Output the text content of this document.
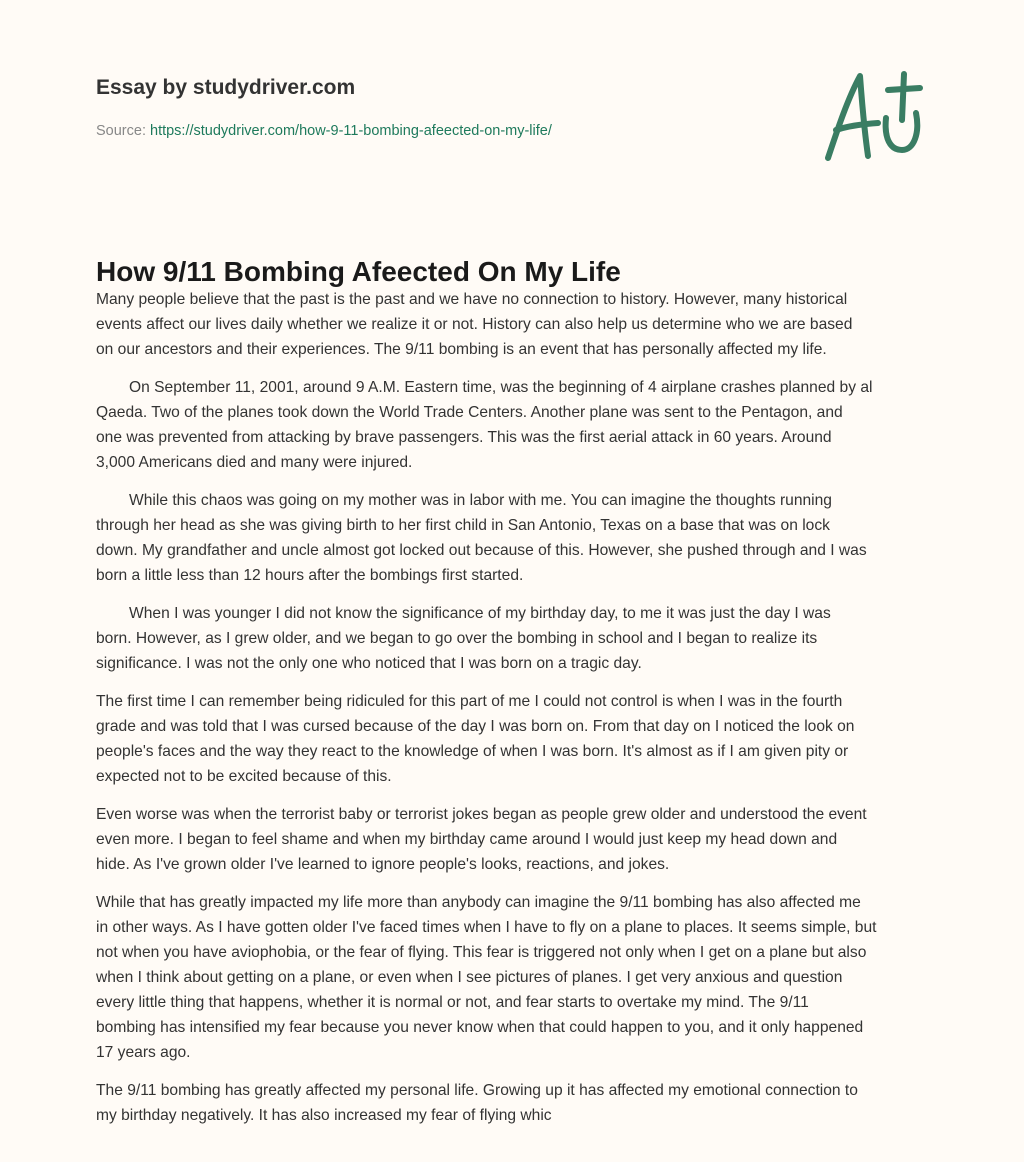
Essay by studydriver.com
Source: https://studydriver.com/how-9-11-bombing-afeected-on-my-life/
How 9/11 Bombing Afeected On My Life
Many people believe that the past is the past and we have no connection to history. However, many historical
events affect our lives daily whether we realize it or not. History can also help us determine who we are based
on our ancestors and their experiences. The 9/11 bombing is an event that has personally affected my life.
On September 11, 2001, around 9 A.M. Eastern time, was the beginning of 4 airplane crashes planned by al
Qaeda. Two of the planes took down the World Trade Centers. Another plane was sent to the Pentagon, and
one was prevented from attacking by brave passengers. This was the first aerial attack in 60 years. Around
3,000 Americans died and many were injured.
While this chaos was going on my mother was in labor with me. You can imagine the thoughts running
through her head as she was giving birth to her first child in San Antonio, Texas on a base that was on lock
down. My grandfather and uncle almost got locked out because of this. However, she pushed through and I was
born a little less than 12 hours after the bombings first started.
When I was younger I did not know the significance of my birthday day, to me it was just the day I was
born. However, as I grew older, and we began to go over the bombing in school and I began to realize its
significance. I was not the only one who noticed that I was born on a tragic day.
The first time I can remember being ridiculed for this part of me I could not control is when I was in the fourth
grade and was told that I was cursed because of the day I was born on. From that day on I noticed the look on
people's faces and the way they react to the knowledge of when I was born. It's almost as if I am given pity or
expected not to be excited because of this.
Even worse was when the terrorist baby or terrorist jokes began as people grew older and understood the event
even more. I began to feel shame and when my birthday came around I would just keep my head down and
hide. As I've grown older I've learned to ignore people's looks, reactions, and jokes.
While that has greatly impacted my life more than anybody can imagine the 9/11 bombing has also affected me
in other ways. As I have gotten older I've faced times when I have to fly on a plane to places. It seems simple, but
not when you have aviophobia, or the fear of flying. This fear is triggered not only when I get on a plane but also
when I think about getting on a plane, or even when I see pictures of planes. I get very anxious and question
every little thing that happens, whether it is normal or not, and fear starts to overtake my mind. The 9/11
bombing has intensified my fear because you never know when that could happen to you, and it only happened
17 years ago.
The 9/11 bombing has greatly affected my personal life. Growing up it has affected my emotional connection to
my birthday negatively. It has also increased my fear of flying whic
